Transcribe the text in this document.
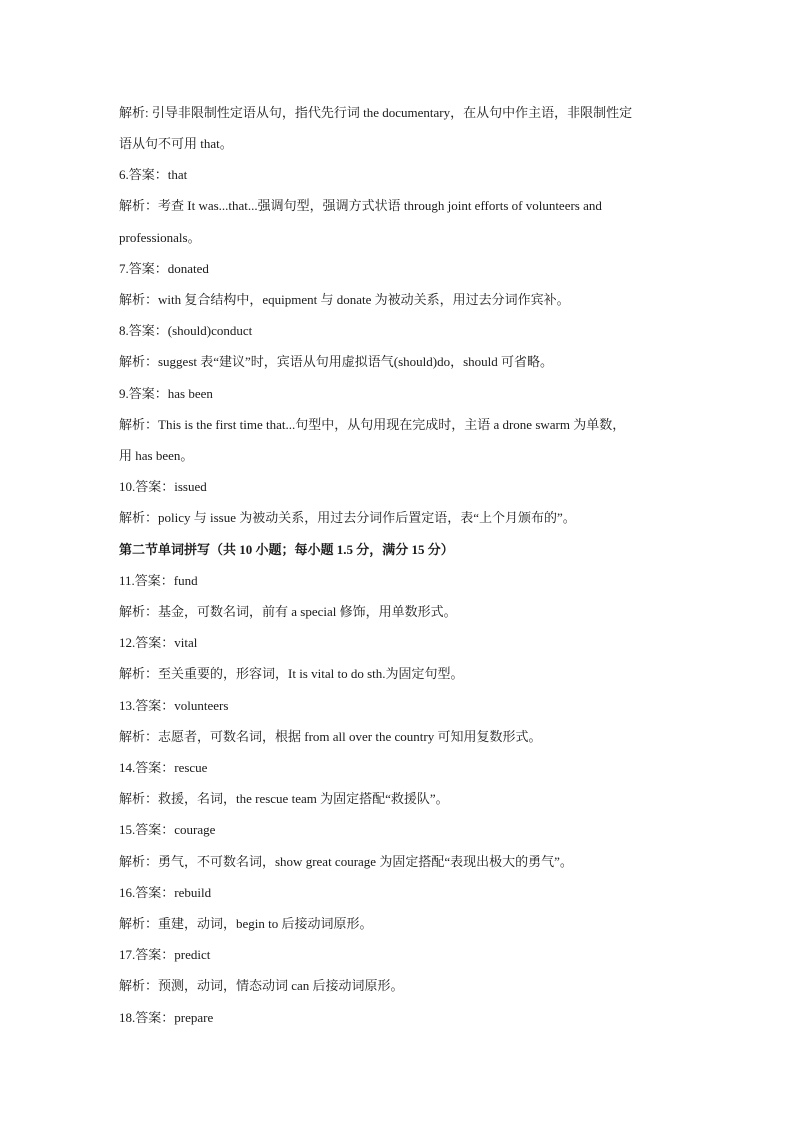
解析: 引导非限制性定语从句，指代先行词 the documentary，在从句中作主语，非限制性定
语从句不可用 that。
6.答案：that
解析：考查 It was...that...强调句型，强调方式状语 through joint efforts of volunteers and
professionals。
7.答案：donated
解析：with 复合结构中，equipment 与 donate 为被动关系，用过去分词作宾补。
8.答案：(should)conduct
解析：suggest 表“建议”时，宾语从句用虚拟语气(should)do，should 可省略。
9.答案：has been
解析：This is the first time that...句型中，从句用现在完成时，主语 a drone swarm 为单数，
用 has been。
10.答案：issued
解析：policy 与 issue 为被动关系，用过去分词作后置定语，表“上个月颁布的”。
第二节单词拼写（共 10 小题；每小题 1.5 分，满分 15 分）
11.答案：fund
解析：基金，可数名词，前有 a special 修饰，用单数形式。
12.答案：vital
解析：至关重要的，形容词，It is vital to do sth.为固定句型。
13.答案：volunteers
解析：志愿者，可数名词，根据 from all over the country 可知用复数形式。
14.答案：rescue
解析：救援，名词，the rescue team 为固定搭配“救援队”。
15.答案：courage
解析：勇气，不可数名词，show great courage 为固定搭配“表现出极大的勇气”。
16.答案：rebuild
解析：重建，动词，begin to 后接动词原形。
17.答案：predict
解析：预测，动词，情态动词 can 后接动词原形。
18.答案：prepare
